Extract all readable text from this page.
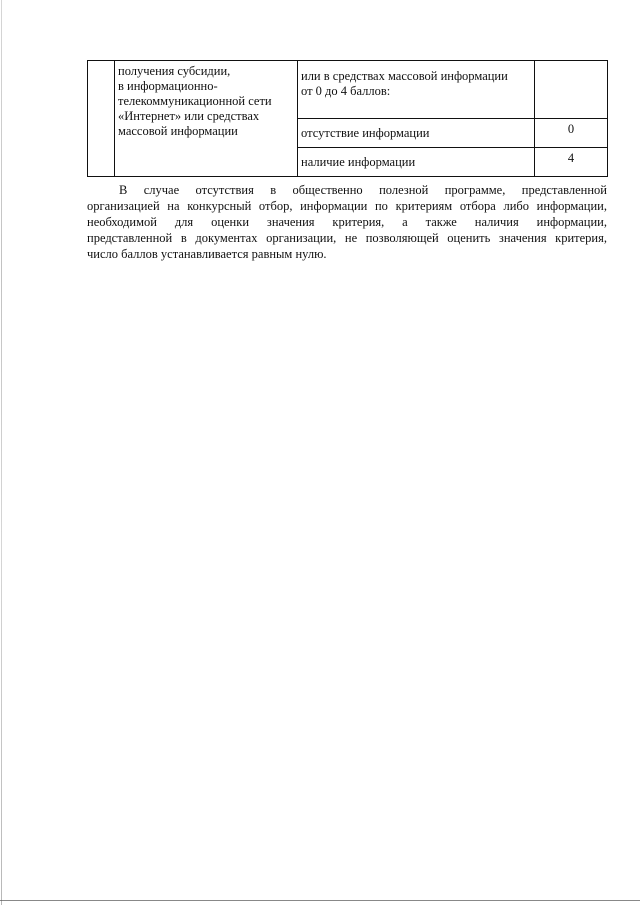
	получения субсидии,
в информационно-
телекоммуникационной сети
«Интернет» или средствах
массовой информации	или в средствах массовой информации
от 0 до 4 баллов:	

		отсутствие информации	0
		наличие информации	4
В случае отсутствия в общественно полезной программе, представленной
организацией на конкурсный отбор, информации по критериям отбора либо информации,
необходимой для оценки значения критерия, а также наличия информации,
представленной в документах организации, не позволяющей оценить значения критерия,
число баллов устанавливается равным нулю.
